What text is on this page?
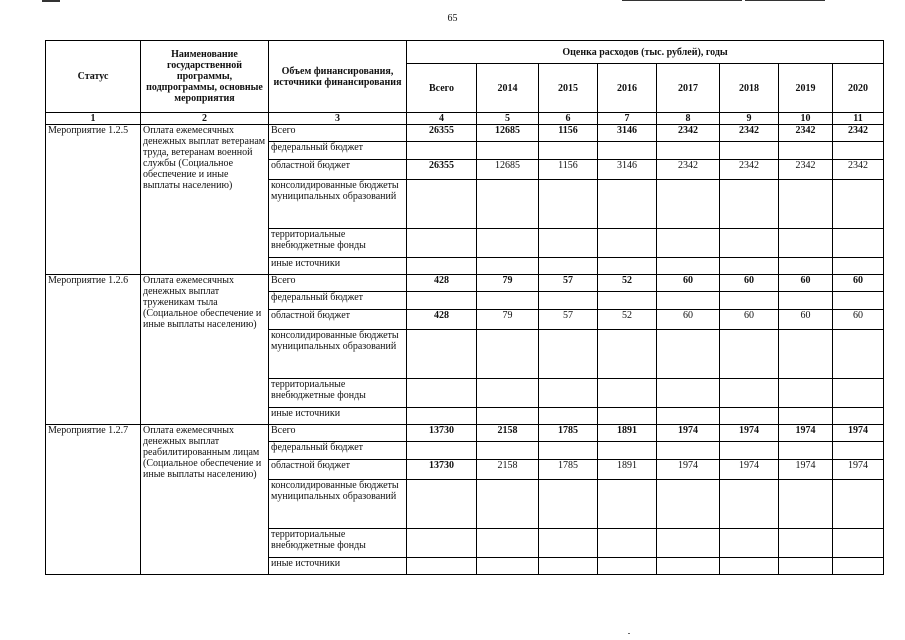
65
Статус	Наименование государственной программы, подпрограммы, основные мероприятия	Объем финансирования, источники финансирования	Оценка расходов (тыс. рублей), годы							
			Всего	2014	2015	2016	2017	2018	2019	2020
1	2	3	4	5	6	7	8	9	10	11
Мероприятие 1.2.5	Оплата ежемесячных денежных выплат ветеранам труда, ветеранам военной службы (Социальное обеспечение и иные выплаты населению)	Всего	26355	12685	1156	3146	2342	2342	2342	2342
		федеральный бюджет								
		областной бюджет	26355	12685	1156	3146	2342	2342	2342	2342
		консолидированные бюджеты муниципальных образований								
		территориальные внебюджетные фонды								
		иные источники								
Мероприятие 1.2.6	Оплата ежемесячных денежных выплат труженикам тыла (Социальное обеспечение и иные выплаты населению)	Всего	428	79	57	52	60	60	60	60
		федеральный бюджет								
		областной бюджет	428	79	57	52	60	60	60	60
		консолидированные бюджеты муниципальных образований								
		территориальные внебюджетные фонды								
		иные источники								
Мероприятие 1.2.7	Оплата ежемесячных денежных выплат реабилитированным лицам (Социальное обеспечение и иные выплаты населению)	Всего	13730	2158	1785	1891	1974	1974	1974	1974
		федеральный бюджет								
		областной бюджет	13730	2158	1785	1891	1974	1974	1974	1974
		консолидированные бюджеты муниципальных образований								
		территориальные внебюджетные фонды								
		иные источники								
